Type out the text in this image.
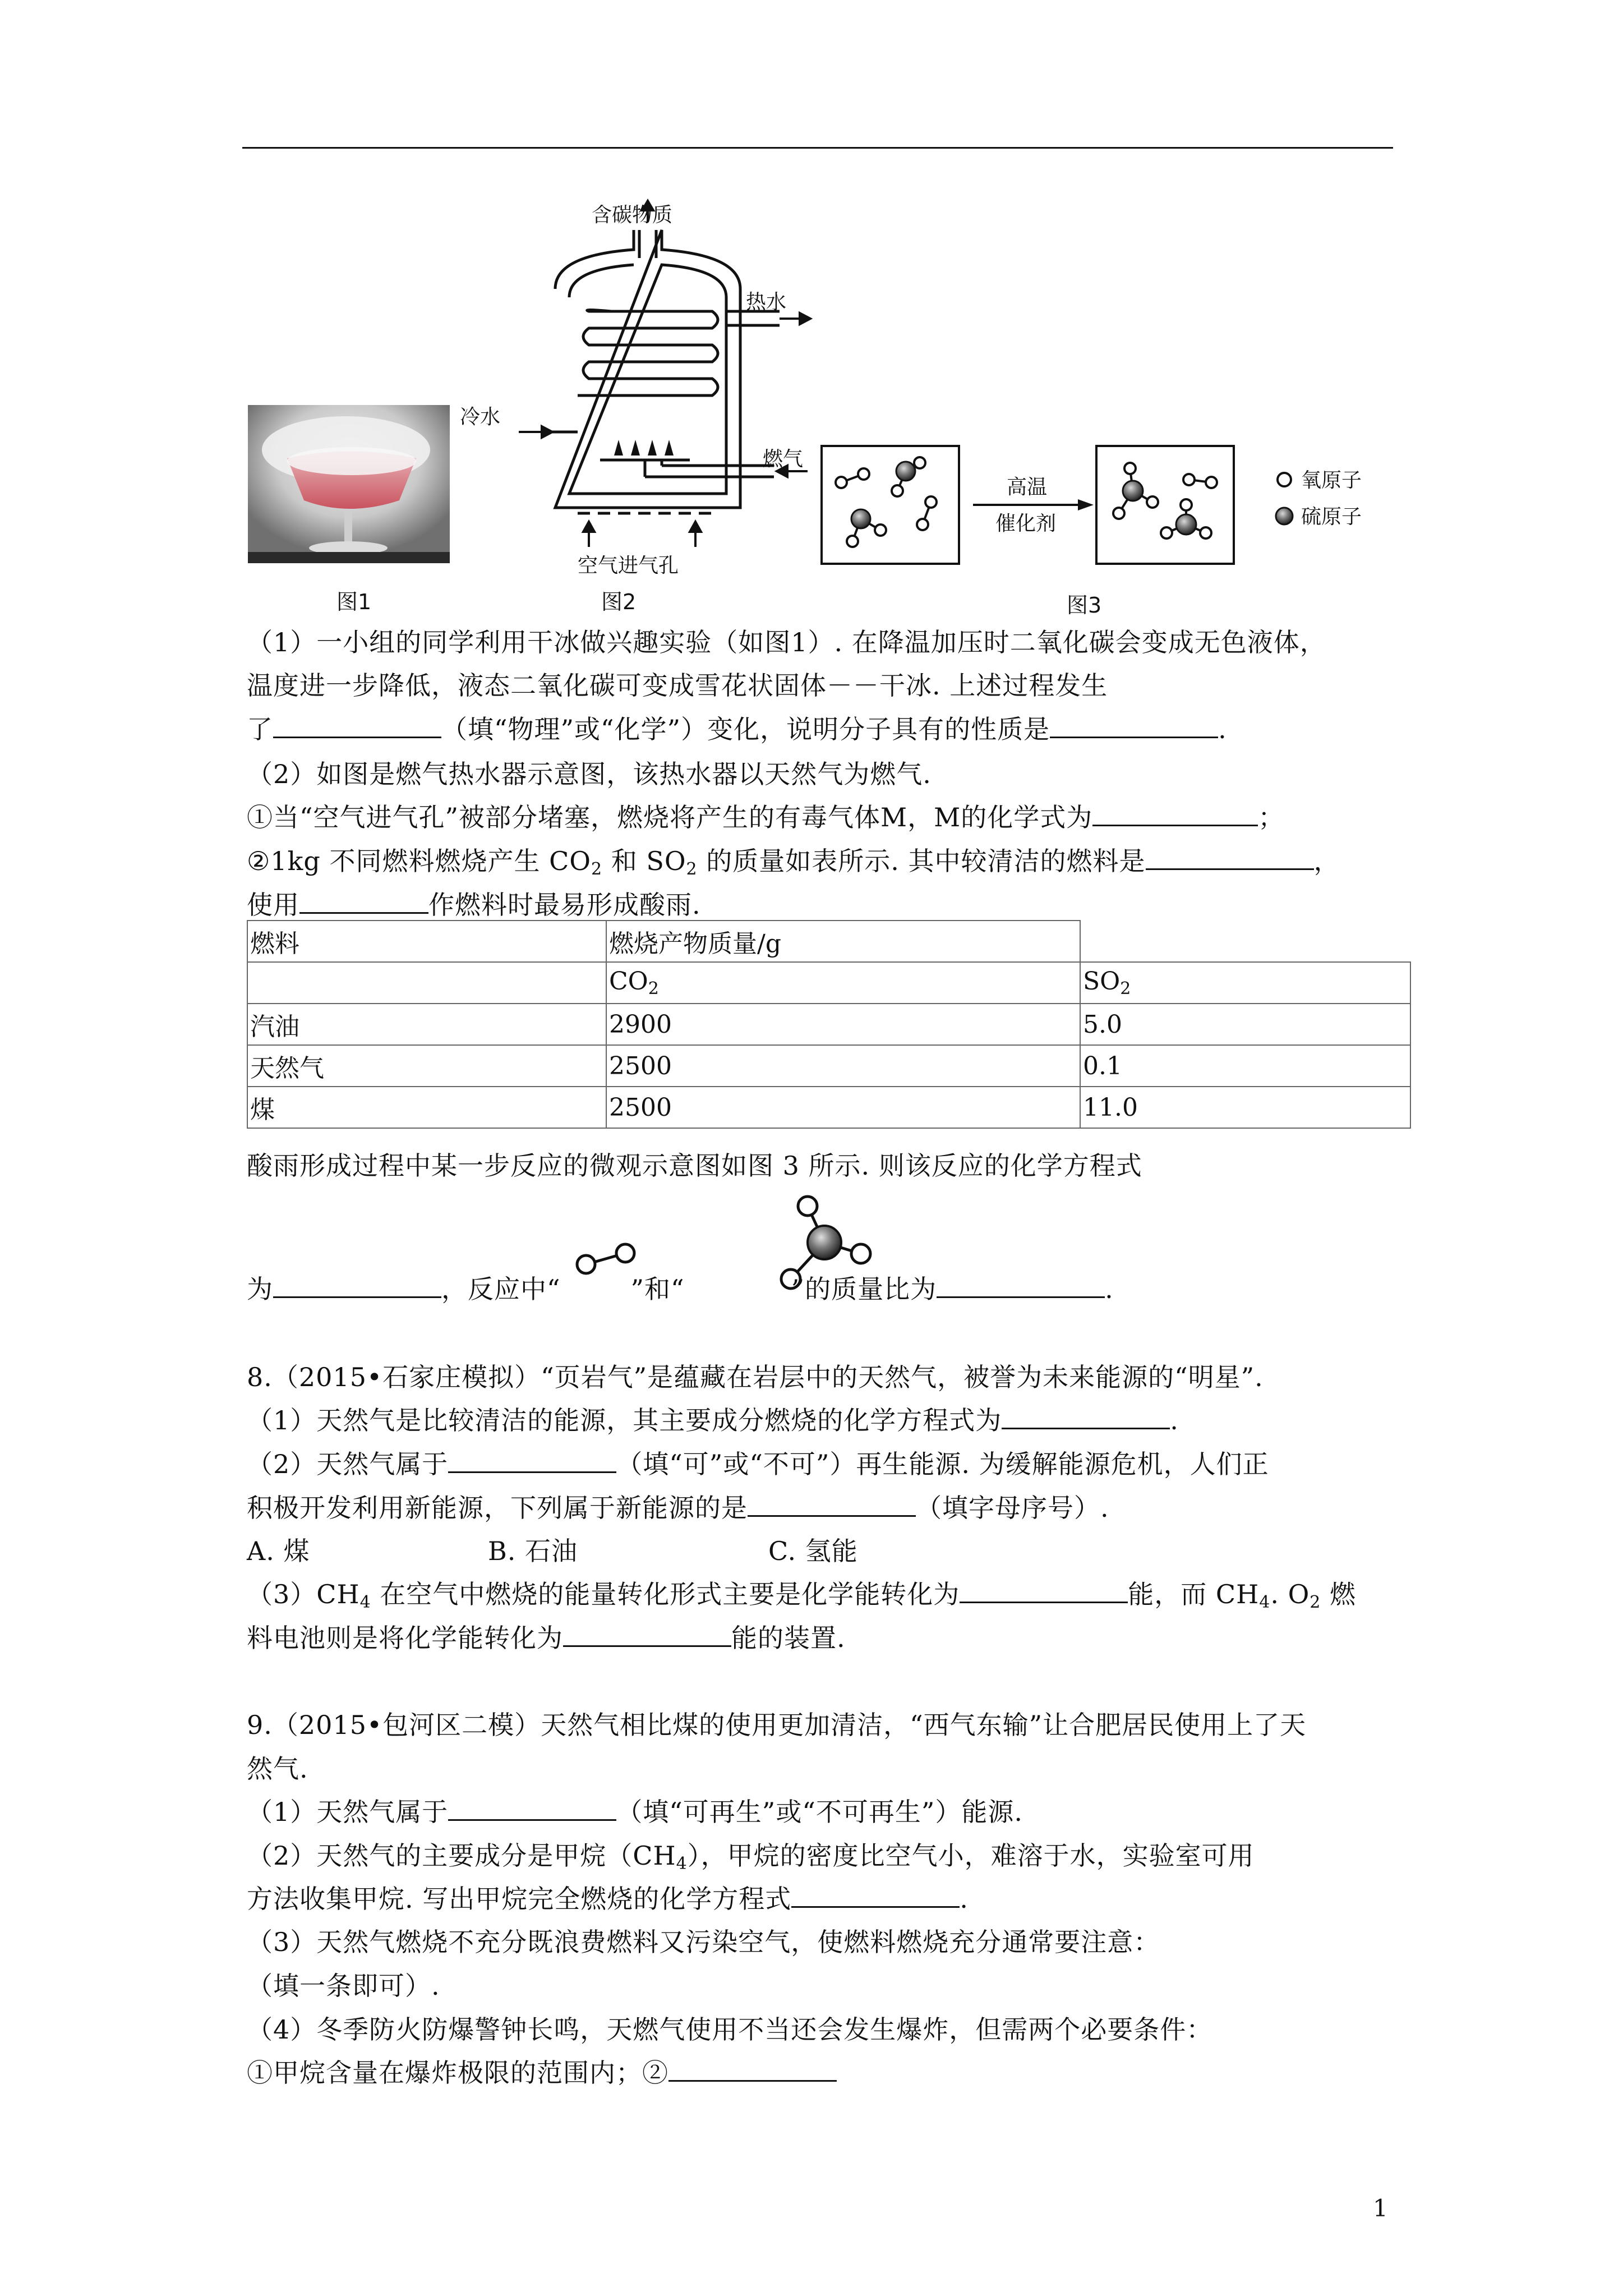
图1
含碳物质
热水
冷水
燃气
空气进气孔
图2
高温
催化剂
氧原子
硫原子
图3
（1）一小组的同学利用干冰做兴趣实验（如图1）. 在降温加压时二氧化碳会变成无色液体，
温度进一步降低，液态二氧化碳可变成雪花状固体－－干冰. 上述过程发生
了	（填“物理”或“化学”）变化，说明分子具有的性质是	.
（2）如图是燃气热水器示意图，该热水器以天然气为燃气.
①当“空气进气孔”被部分堵塞，燃烧将产生的有毒气体M，M的化学式为	；
②1kg 不同燃料燃烧产生 $CO_2$ 和 $SO_2$ 的质量如表所示. 其中较清洁的燃料是	，
使用	作燃料时最易形成酸雨.
燃料	燃烧产物质量/g	
	$CO_2$	$SO_2$
汽油	2900	5.0
天然气	2500	0.1
煤	2500	11.0
酸雨形成过程中某一步反应的微观示意图如图 3 所示. 则该反应的化学方程式
为	，反应中“	”和“	”的质量比为	.
8.（2015•石家庄模拟）“页岩气”是蕴藏在岩层中的天然气，被誉为未来能源的“明星”.
（1）天然气是比较清洁的能源，其主要成分燃烧的化学方程式为	.
（2）天然气属于	（填“可”或“不可”）再生能源. 为缓解能源危机，人们正
积极开发利用新能源，下列属于新能源的是	（填字母序号）.
A. 煤	B. 石油	C. 氢能
$(3)CH_4$ 在空气中燃烧的能量转化形式主要是化学能转化为	能，而 $CH_4$. $O_2$ 燃
料电池则是将化学能转化为	能的装置.
9.（2015•包河区二模）天然气相比煤的使用更加清洁，“西气东输”让合肥居民使用上了天
然气.
（1）天然气属于	（填“可再生”或“不可再生”）能源.
（2）天然气的主要成分是甲烷$(CH_4)$，甲烷的密度比空气小，难溶于水，实验室可用
方法收集甲烷. 写出甲烷完全燃烧的化学方程式	.
（3）天然气燃烧不充分既浪费燃料又污染空气，使燃料燃烧充分通常要注意：
（填一条即可）.
（4）冬季防火防爆警钟长鸣，天燃气使用不当还会发生爆炸，但需两个必要条件：
①甲烷含量在爆炸极限的范围内；②
1
